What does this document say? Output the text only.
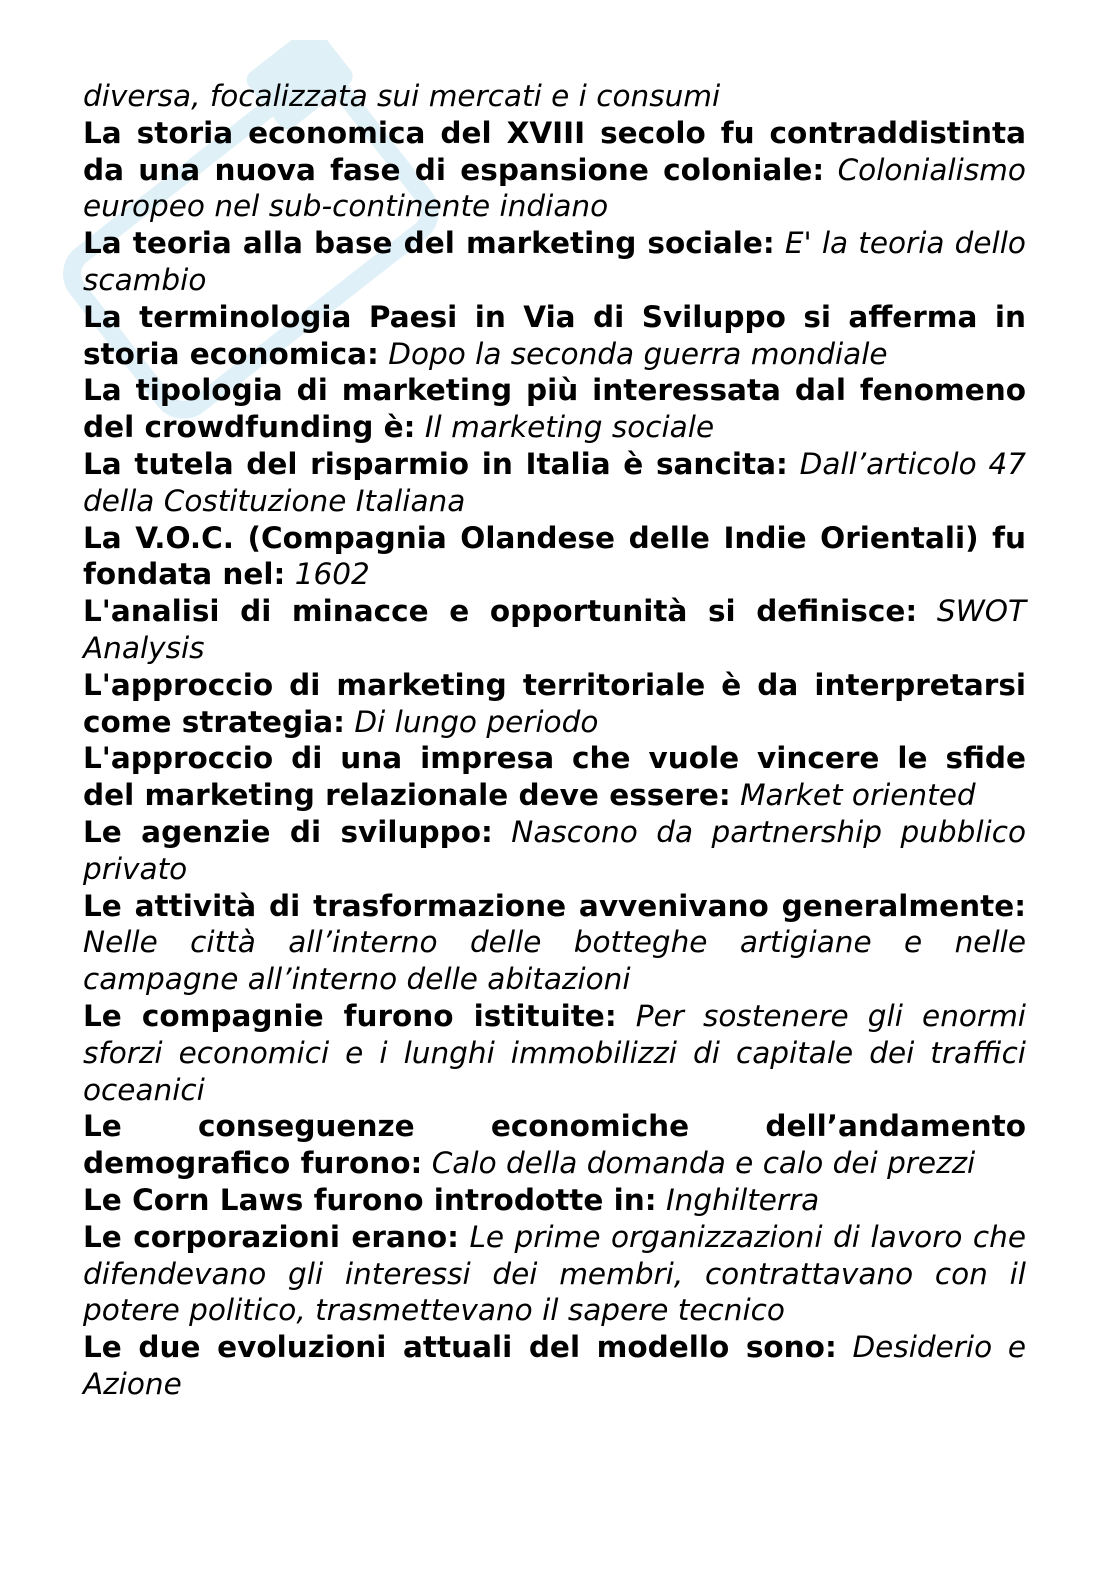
diversa, focalizzata sui mercati e i consumi

La storia economica del XVIII secolo fu contraddistinta da una nuova fase di espansione coloniale: Colonialismo europeo nel sub-continente indiano

La teoria alla base del marketing sociale: E' la teoria dello scambio

La terminologia Paesi in Via di Sviluppo si afferma in storia economica: Dopo la seconda guerra mondiale

La tipologia di marketing più interessata dal fenomeno del crowdfunding è: Il marketing sociale

La tutela del risparmio in Italia è sancita: Dall’articolo 47 della Costituzione Italiana

La V.O.C. (Compagnia Olandese delle Indie Orientali) fu fondata nel: 1602

L'analisi di minacce e opportunità si definisce: SWOT Analysis

L'approccio di marketing territoriale è da interpretarsi come strategia: Di lungo periodo

L'approccio di una impresa che vuole vincere le sfide del marketing relazionale deve essere: Market oriented

Le agenzie di sviluppo: Nascono da partnership pubblico privato

Le attività di trasformazione avvenivano generalmente: Nelle città all’interno delle botteghe artigiane e nelle campagne all’interno delle abitazioni

Le compagnie furono istituite: Per sostenere gli enormi sforzi economici e i lunghi immobilizzi di capitale dei traffici oceanici

Le conseguenze economiche dell’andamento demografico furono: Calo della domanda e calo dei prezzi

Le Corn Laws furono introdotte in: Inghilterra

Le corporazioni erano: Le prime organizzazioni di lavoro che difendevano gli interessi dei membri, contrattavano con il potere politico, trasmettevano il sapere tecnico

Le due evoluzioni attuali del modello sono: Desiderio e Azione
